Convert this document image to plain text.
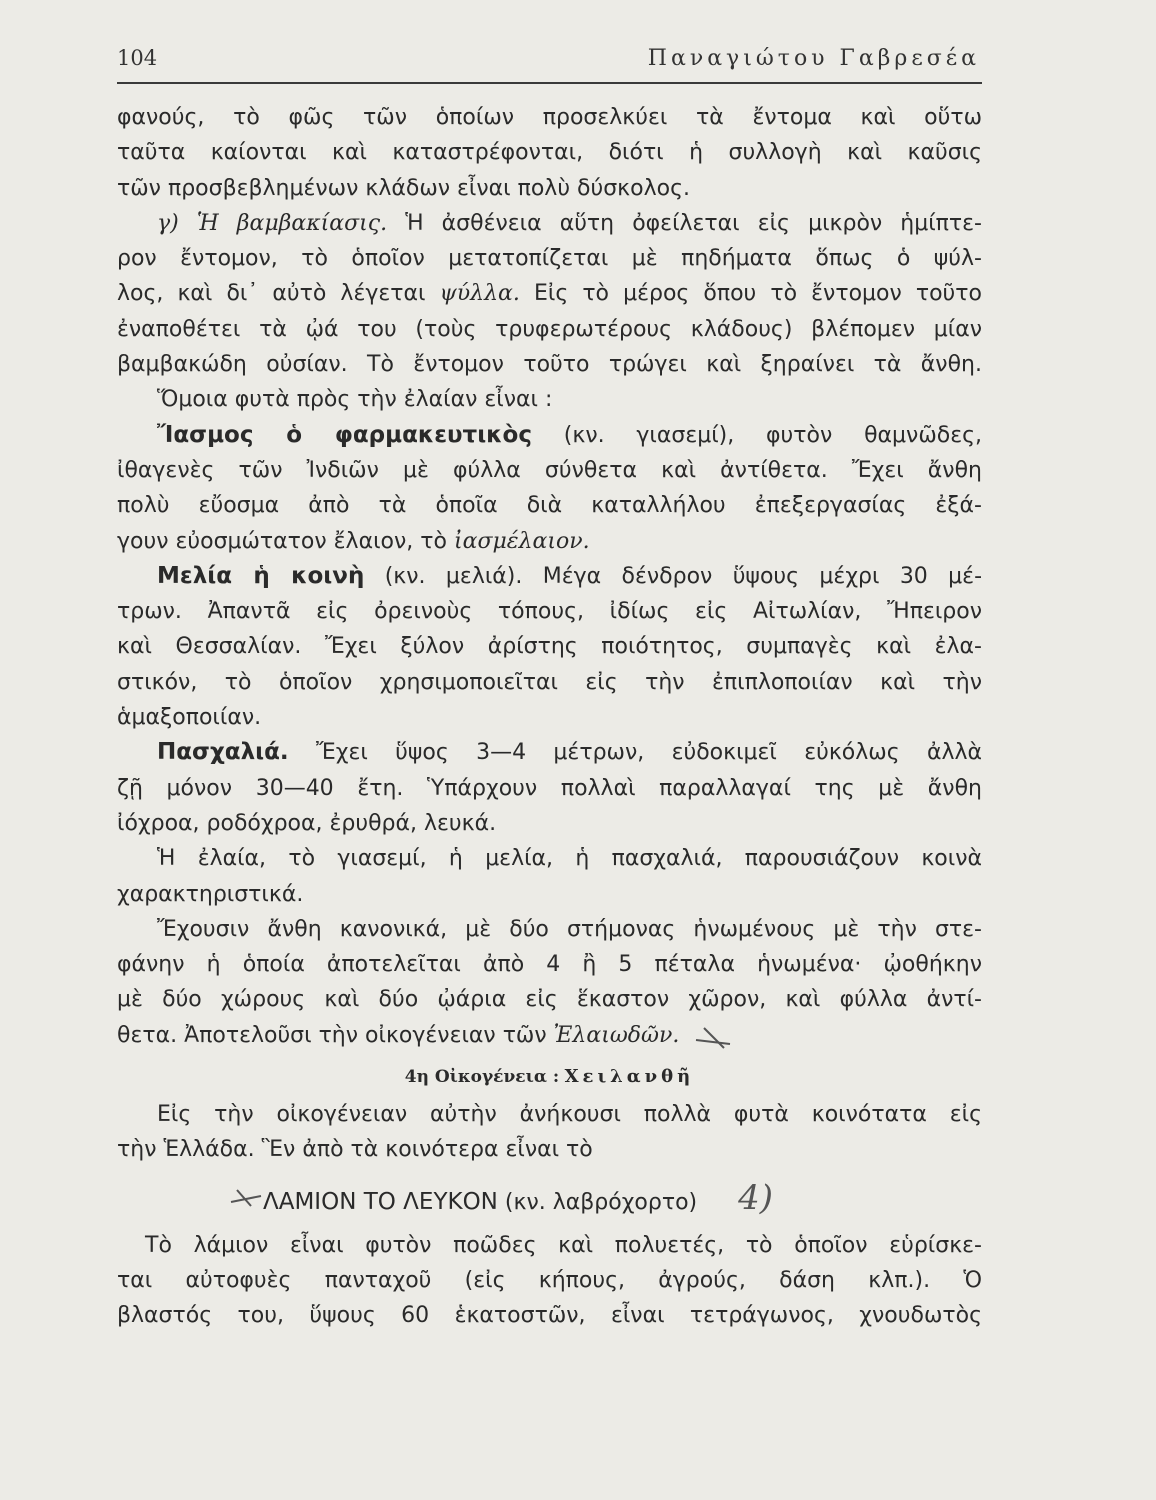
104	Παναγιώτου Γαβρεσέα
φανούς, τὸ φῶς τῶν ὁποίων προσελκύει τὰ ἔντομα καὶ οὕτω
ταῦτα καίονται καὶ καταστρέφονται, διότι ἡ συλλογὴ καὶ καῦσις
τῶν προσβεβλημένων κλάδων εἶναι πολὺ δύσκολος.
γ) Ἡ βαμβακίασις. Ἡ ἀσθένεια αὕτη ὀφείλεται εἰς μικρὸν ἡμίπτε-
ρον ἔντομον, τὸ ὁποῖον μετατοπίζεται μὲ πηδήματα ὅπως ὁ ψύλ-
λος, καὶ δι᾽ αὐτὸ λέγεται ψύλλα. Εἰς τὸ μέρος ὅπου τὸ ἔντομον τοῦτο
ἐναποθέτει τὰ ᾠά του (τοὺς τρυφερωτέρους κλάδους) βλέπομεν μίαν
βαμβακώδη οὐσίαν. Τὸ ἔντομον τοῦτο τρώγει καὶ ξηραίνει τὰ ἄνθη.
Ὅμοια φυτὰ πρὸς τὴν ἐλαίαν εἶναι :
Ἴασμος ὁ φαρμακευτικὸς (κν. γιασεμί), φυτὸν θαμνῶδες,
ἰθαγενὲς τῶν Ἰνδιῶν μὲ φύλλα σύνθετα καὶ ἀντίθετα. Ἔχει ἄνθη
πολὺ εὔοσμα ἀπὸ τὰ ὁποῖα διὰ καταλλήλου ἐπεξεργασίας ἐξά-
γουν εὐοσμώτατον ἔλαιον, τὸ ἰασμέλαιον.
Μελία ἡ κοινὴ (κν. μελιά). Μέγα δένδρον ὕψους μέχρι 30 μέ-
τρων. Ἀπαντᾶ εἰς ὀρεινοὺς τόπους, ἰδίως εἰς Αἰτωλίαν, Ἤπειρον
καὶ Θεσσαλίαν. Ἔχει ξύλον ἀρίστης ποιότητος, συμπαγὲς καὶ ἐλα-
στικόν, τὸ ὁποῖον χρησιμοποιεῖται εἰς τὴν ἐπιπλοποιίαν καὶ τὴν
ἁμαξοποιίαν.
Πασχαλιά. Ἔχει ὕψος 3—4 μέτρων, εὐδοκιμεῖ εὐκόλως ἀλλὰ
ζῇ μόνον 30—40 ἔτη. Ὑπάρχουν πολλαὶ παραλλαγαί της μὲ ἄνθη
ἰόχροα, ροδόχροα, ἐρυθρά, λευκά.
Ἡ ἐλαία, τὸ γιασεμί, ἡ μελία, ἡ πασχαλιά, παρουσιάζουν κοινὰ
χαρακτηριστικά.
Ἔχουσιν ἄνθη κανονικά, μὲ δύο στήμονας ἡνωμένους μὲ τὴν στε-
φάνην ἡ ὁποία ἀποτελεῖται ἀπὸ 4 ἢ 5 πέταλα ἡνωμένα· ᾠοθήκην
μὲ δύο χώρους καὶ δύο ᾠάρια εἰς ἕκαστον χῶρον, καὶ φύλλα ἀντί-
θετα. Ἀποτελοῦσι τὴν οἰκογένειαν τῶν Ἐλαιωδῶν.
4η Οἰκογένεια : Χειλανθῆ
Εἰς τὴν οἰκογένειαν αὐτὴν ἀνήκουσι πολλὰ φυτὰ κοινότατα εἰς
τὴν Ἑλλάδα. Ἓν ἀπὸ τὰ κοινότερα εἶναι τὸ
ΛΑΜΙΟΝ ΤΟ ΛΕΥΚΟΝ (κν. λαβρόχορτο) 4)
Τὸ λάμιον εἶναι φυτὸν ποῶδες καὶ πολυετές, τὸ ὁποῖον εὑρίσκε-
ται αὐτοφυὲς πανταχοῦ (εἰς κήπους, ἀγρούς, δάση κλπ.). Ὁ
βλαστός του, ὕψους 60 ἑκατοστῶν, εἶναι τετράγωνος, χνουδωτὸς
